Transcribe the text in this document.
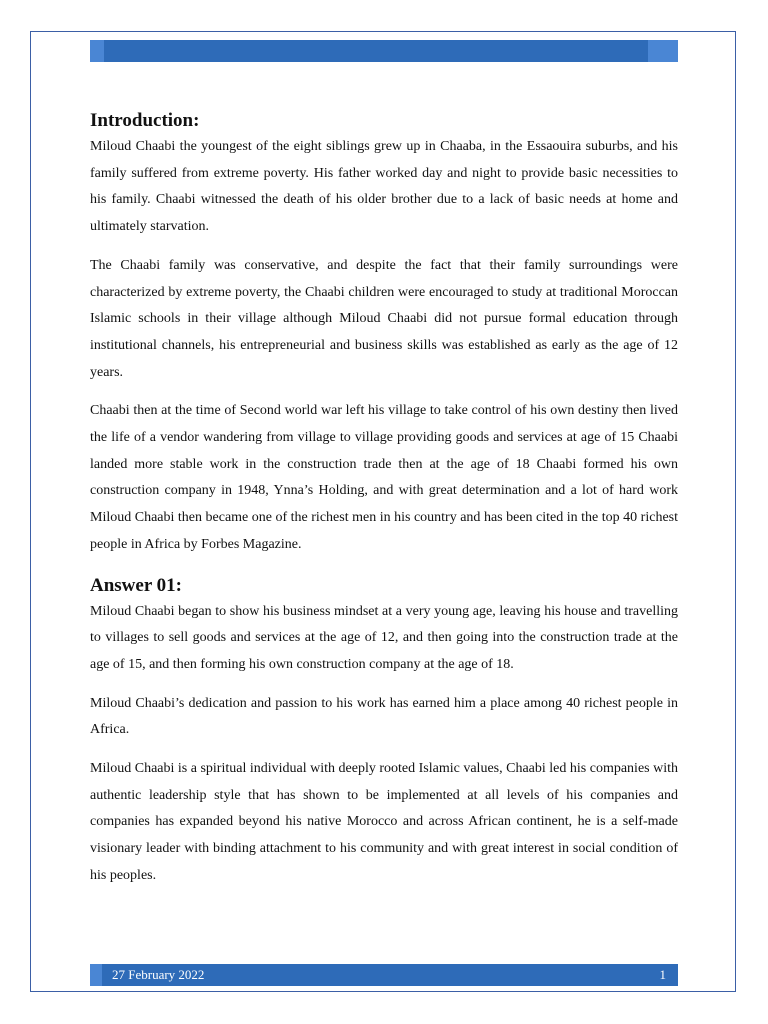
Introduction:

Miloud Chaabi the youngest of the eight siblings grew up in Chaaba, in the Essaouira suburbs, and his family suffered from extreme poverty. His father worked day and night to provide basic necessities to his family. Chaabi witnessed the death of his older brother due to a lack of basic needs at home and ultimately starvation.

The Chaabi family was conservative, and despite the fact that their family surroundings were characterized by extreme poverty, the Chaabi children were encouraged to study at traditional Moroccan Islamic schools in their village although Miloud Chaabi did not pursue formal education through institutional channels, his entrepreneurial and business skills was established as early as the age of 12 years.

Chaabi then at the time of Second world war left his village to take control of his own destiny then lived the life of a vendor wandering from village to village providing goods and services at age of 15 Chaabi landed more stable work in the construction trade then at the age of 18 Chaabi formed his own construction company in 1948, Ynna’s Holding, and with great determination and a lot of hard work Miloud Chaabi then became one of the richest men in his country and has been cited in the top 40 richest people in Africa by Forbes Magazine.

Answer 01:

Miloud Chaabi began to show his business mindset at a very young age, leaving his house and travelling to villages to sell goods and services at the age of 12, and then going into the construction trade at the age of 15, and then forming his own construction company at the age of 18.

Miloud Chaabi’s dedication and passion to his work has earned him a place among 40 richest people in Africa.

Miloud Chaabi is a spiritual individual with deeply rooted Islamic values, Chaabi led his companies with authentic leadership style that has shown to be implemented at all levels of his companies and companies has expanded beyond his native Morocco and across African continent, he is a self-made visionary leader with binding attachment to his community and with great interest in social condition of his peoples.

27 February 2022	1
